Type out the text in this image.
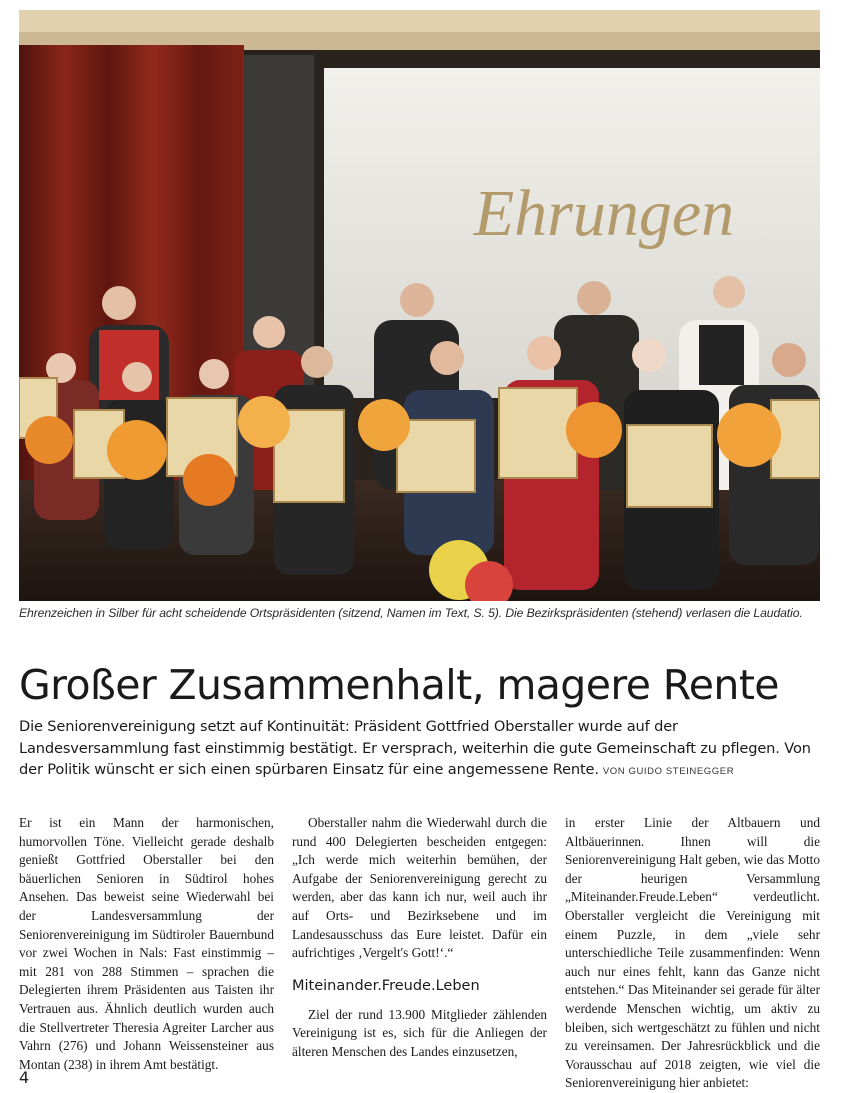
Ehrungen
Ehrenzeichen in Silber für acht scheidende Ortspräsidenten (sitzend, Namen im Text, S. 5). Die Bezirkspräsidenten (stehend) verlasen die Laudatio.
Großer Zusammenhalt, magere Rente

Die Seniorenvereinigung setzt auf Kontinuität: Präsident Gottfried Oberstaller wurde auf der Landesversammlung fast einstimmig bestätigt. Er versprach, weiterhin die gute Gemeinschaft zu pflegen. Von der Politik wünscht er sich einen spürbaren Einsatz für eine angemessene Rente. VON GUIDO STEINEGGER

Er ist ein Mann der harmonischen, humorvollen Töne. Vielleicht gerade deshalb genießt Gottfried Oberstaller bei den bäuerlichen Senioren in Südtirol hohes Ansehen. Das beweist seine Wiederwahl bei der Landesversammlung der Seniorenvereinigung im Südtiroler Bauernbund vor zwei Wochen in Nals: Fast einstimmig – mit 281 von 288 Stimmen – sprachen die Delegierten ihrem Präsidenten aus Taisten ihr Vertrauen aus. Ähnlich deutlich wurden auch die Stellvertreter Theresia Agreiter Larcher aus Vahrn (276) und Johann Weissensteiner aus Montan (238) in ihrem Amt bestätigt.

Oberstaller nahm die Wiederwahl durch die rund 400 Delegierten bescheiden entgegen: „Ich werde mich weiterhin bemühen, der Aufgabe der Seniorenvereinigung gerecht zu werden, aber das kann ich nur, weil auch ihr auf Orts- und Bezirksebene und im Landesausschuss das Eure leistet. Dafür ein aufrichtiges ‚Vergelt's Gott!‘.“

Miteinander.Freude.Leben

Ziel der rund 13.900 Mitglieder zählenden Vereinigung ist es, sich für die Anliegen der älteren Menschen des Landes einzusetzen,

in erster Linie der Altbauern und Altbäuerinnen. Ihnen will die Seniorenvereinigung Halt geben, wie das Motto der heurigen Versammlung „Miteinander.Freude.Leben“ verdeutlicht. Oberstaller vergleicht die Vereinigung mit einem Puzzle, in dem „viele sehr unterschiedliche Teile zusammenfinden: Wenn auch nur eines fehlt, kann das Ganze nicht entstehen.“ Das Miteinander sei gerade für älter werdende Menschen wichtig, um aktiv zu bleiben, sich wertgeschätzt zu fühlen und nicht zu vereinsamen. Der Jahresrückblick und die Vorausschau auf 2018 zeigten, wie viel die Seniorenvereinigung hier anbietet:

4
